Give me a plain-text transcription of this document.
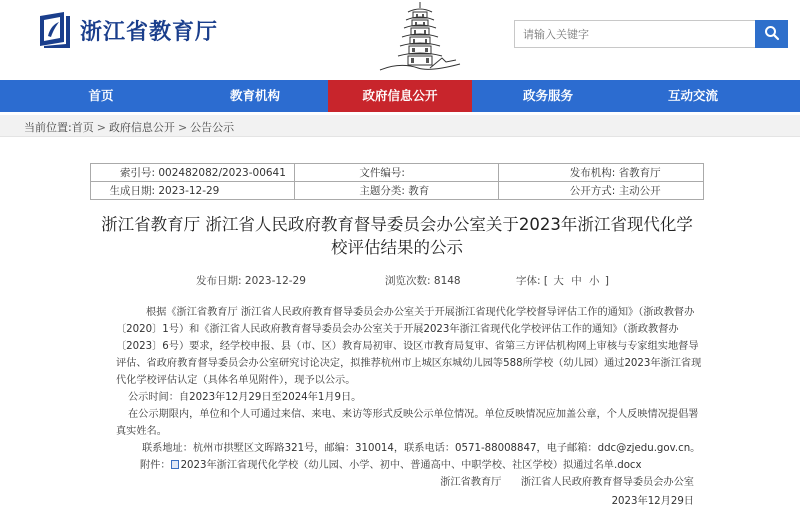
浙江省教育厅
请输入关键字
首页	教育机构	政府信息公开	政务服务	互动交流
当前位置:首页 > 政府信息公开 > 公告公示
索引号: 002482082/2023-00641	文件编号:	发布机构: 省教育厅
生成日期: 2023-12-29	主题分类: 教育	公开方式: 主动公开
浙江省教育厅 浙江省人民政府教育督导委员会办公室关于2023年浙江省现代化学
校评估结果的公示
发布日期: 2023-12-29	浏览次数: 8148	字体: [ 大 中 小 ]

根据《浙江省教育厅 浙江省人民政府教育督导委员会办公室关于开展浙江省现代化学校督导评估工作的通知》（浙政教督办〔2020〕1号）和《浙江省人民政府教育督导委员会办公室关于开展2023年浙江省现代化学校评估工作的通知》（浙政教督办〔2023〕6号）要求，经学校申报、县（市、区）教育局初审、设区市教育局复审、省第三方评估机构网上审核与专家组实地督导评估、省政府教育督导委员会办公室研究讨论决定，拟推荐杭州市上城区东城幼儿园等588所学校（幼儿园）通过2023年浙江省现代化学校评估认定（具体名单见附件），现予以公示。

公示时间：自2023年12月29日至2024年1月9日。

在公示期限内，单位和个人可通过来信、来电、来访等形式反映公示单位情况。单位反映情况应加盖公章，个人反映情况提倡署真实姓名。

联系地址：杭州市拱墅区文晖路321号，邮编：310014，联系电话：0571-88008847，电子邮箱：ddc@zjedu.gov.cn。

附件： 2023年浙江省现代化学校（幼儿园、小学、初中、普通高中、中职学校、社区学校）拟通过名单.docx

浙江省教育厅 浙江省人民政府教育督导委员会办公室

2023年12月29日
